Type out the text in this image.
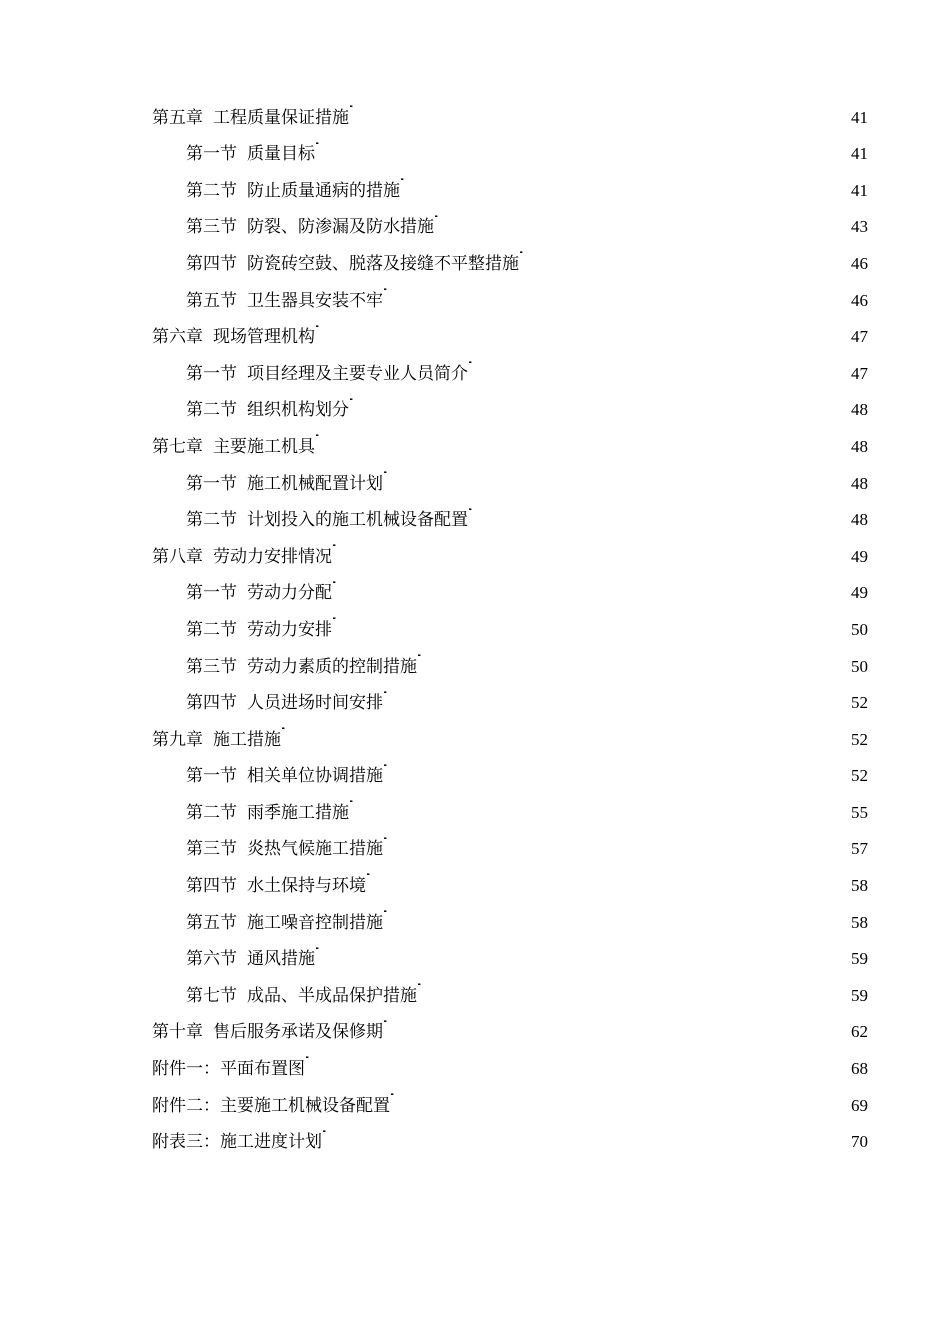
第五章 工程质量保证措施 . . .	41
第一节 质量目标 . . .	41
第二节 防止质量通病的措施 . . .	41
第三节 防裂、防渗漏及防水措施 . . .	43
第四节 防瓷砖空鼓、脱落及接缝不平整措施 . . .	46
第五节 卫生器具安装不牢 . . .	46
第六章 现场管理机构 . . .	47
第一节 项目经理及主要专业人员简介 . . .	47
第二节 组织机构划分 . . .	48
第七章 主要施工机具 . . .	48
第一节 施工机械配置计划 . . .	48
第二节 计划投入的施工机械设备配置 . . .	48
第八章 劳动力安排情况 . . .	49
第一节 劳动力分配 . . .	49
第二节 劳动力安排 . . .	50
第三节 劳动力素质的控制措施 . . .	50
第四节 人员进场时间安排 . . .	52
第九章 施工措施 . . .	52
第一节 相关单位协调措施 . . .	52
第二节 雨季施工措施 . . .	55
第三节 炎热气候施工措施 . . .	57
第四节 水土保持与环境 . . .	58
第五节 施工噪音控制措施 . . .	58
第六节 通风措施 . . .	59
第七节 成品、半成品保护措施 . . .	59
第十章 售后服务承诺及保修期 . . .	62
附件一：平面布置图 . . .	68
附件二：主要施工机械设备配置 . . .	69
附表三：施工进度计划 . . .	70
